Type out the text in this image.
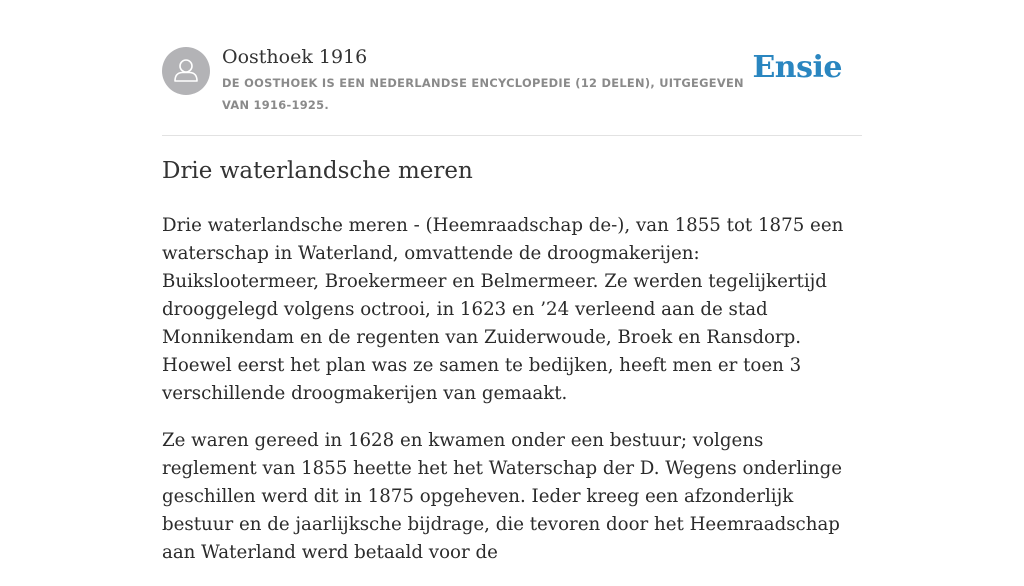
Oosthoek 1916
DE OOSTHOEK IS EEN NEDERLANDSE ENCYCLOPEDIE (12 DELEN), UITGEGEVEN VAN 1916-1925.
Ensie
Drie waterlandsche meren

Drie waterlandsche meren - (Heemraadschap de-), van 1855 tot 1875 een waterschap in Waterland, omvattende de droogmakerijen: Buikslootermeer, Broekermeer en Belmermeer. Ze werden tegelijkertijd drooggelegd volgens octrooi, in 1623 en ’24 verleend aan de stad Monnikendam en de regenten van Zuiderwoude, Broek en Ransdorp. Hoewel eerst het plan was ze samen te bedijken, heeft men er toen 3 verschillende droogmakerijen van gemaakt.

Ze waren gereed in 1628 en kwamen onder een bestuur; volgens reglement van 1855 heette het het Waterschap der D. Wegens onderlinge geschillen werd dit in 1875 opgeheven. Ieder kreeg een afzonderlijk bestuur en de jaarlijksche bijdrage, die tevoren door het Heemraadschap aan Waterland werd betaald voor de
